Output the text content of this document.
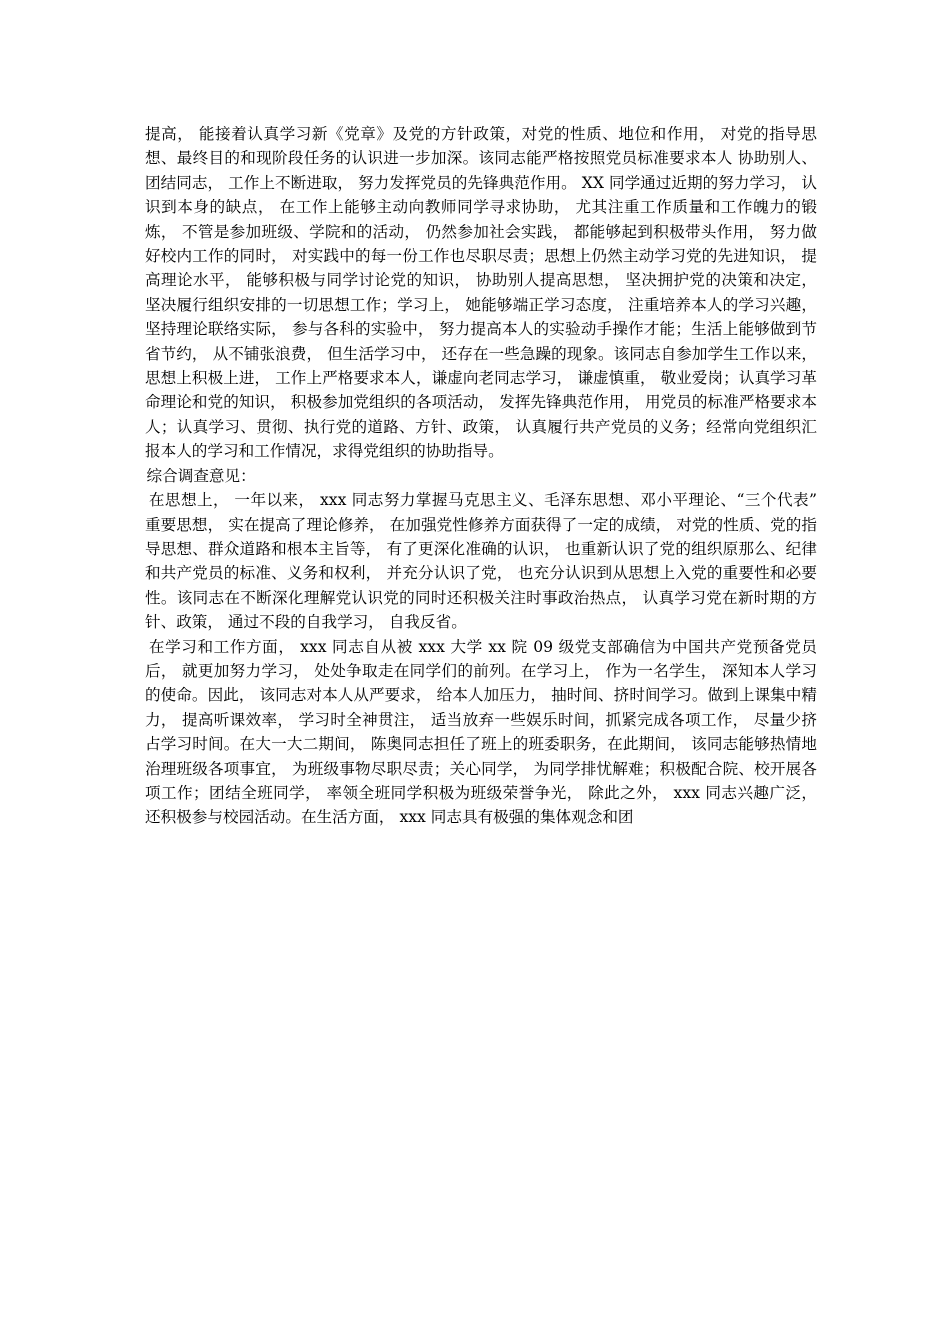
提高， 能接着认真学习新《党章》及党的方针政策，对党的性质、地位和作用， 对党的指导思想、最终目的和现阶段任务的认识进一步加深。该同志能严格按照党员标准要求本人 协助别人、团结同志， 工作上不断进取， 努力发挥党员的先锋典范作用。 XX 同学通过近期的努力学习， 认识到本身的缺点， 在工作上能够主动向教师同学寻求协助， 尤其注重工作质量和工作魄力的锻炼， 不管是参加班级、学院和的活动， 仍然参加社会实践， 都能够起到积极带头作用， 努力做好校内工作的同时， 对实践中的每一份工作也尽职尽责；思想上仍然主动学习党的先进知识， 提高理论水平， 能够积极与同学讨论党的知识， 协助别人提高思想， 坚决拥护党的决策和决定， 坚决履行组织安排的一切思想工作；学习上， 她能够端正学习态度， 注重培养本人的学习兴趣， 坚持理论联络实际， 参与各科的实验中， 努力提高本人的实验动手操作才能；生活上能够做到节省节约， 从不铺张浪费， 但生活学习中， 还存在一些急躁的现象。该同志自参加学生工作以来， 思想上积极上进， 工作上严格要求本人，谦虚向老同志学习， 谦虚慎重， 敬业爱岗；认真学习革命理论和党的知识， 积极参加党组织的各项活动， 发挥先锋典范作用， 用党员的标准严格要求本人；认真学习、贯彻、执行党的道路、方针、政策， 认真履行共产党员的义务；经常向党组织汇报本人的学习和工作情况，求得党组织的协助指导。

综合调查意见：

在思想上， 一年以来， xxx 同志努力掌握马克思主义、毛泽东思想、邓小平理论、“三个代表” 重要思想， 实在提高了理论修养， 在加强党性修养方面获得了一定的成绩， 对党的性质、党的指导思想、群众道路和根本主旨等， 有了更深化准确的认识， 也重新认识了党的组织原那么、纪律和共产党员的标准、义务和权利， 并充分认识了党， 也充分认识到从思想上入党的重要性和必要性。该同志在不断深化理解党认识党的同时还积极关注时事政治热点， 认真学习党在新时期的方针、政策， 通过不段的自我学习， 自我反省。

在学习和工作方面， xxx 同志自从被 xxx 大学 xx 院 09 级党支部确信为中国共产党预备党员后， 就更加努力学习， 处处争取走在同学们的前列。在学习上， 作为一名学生， 深知本人学习的使命。因此， 该同志对本人从严要求， 给本人加压力， 抽时间、挤时间学习。做到上课集中精力， 提高听课效率， 学习时全神贯注， 适当放弃一些娱乐时间，抓紧完成各项工作， 尽量少挤占学习时间。在大一大二期间， 陈奥同志担任了班上的班委职务，在此期间， 该同志能够热情地治理班级各项事宜， 为班级事物尽职尽责；关心同学， 为同学排忧解难；积极配合院、校开展各项工作；团结全班同学， 率领全班同学积极为班级荣誉争光， 除此之外， xxx 同志兴趣广泛， 还积极参与校园活动。在生活方面， xxx 同志具有极强的集体观念和团
